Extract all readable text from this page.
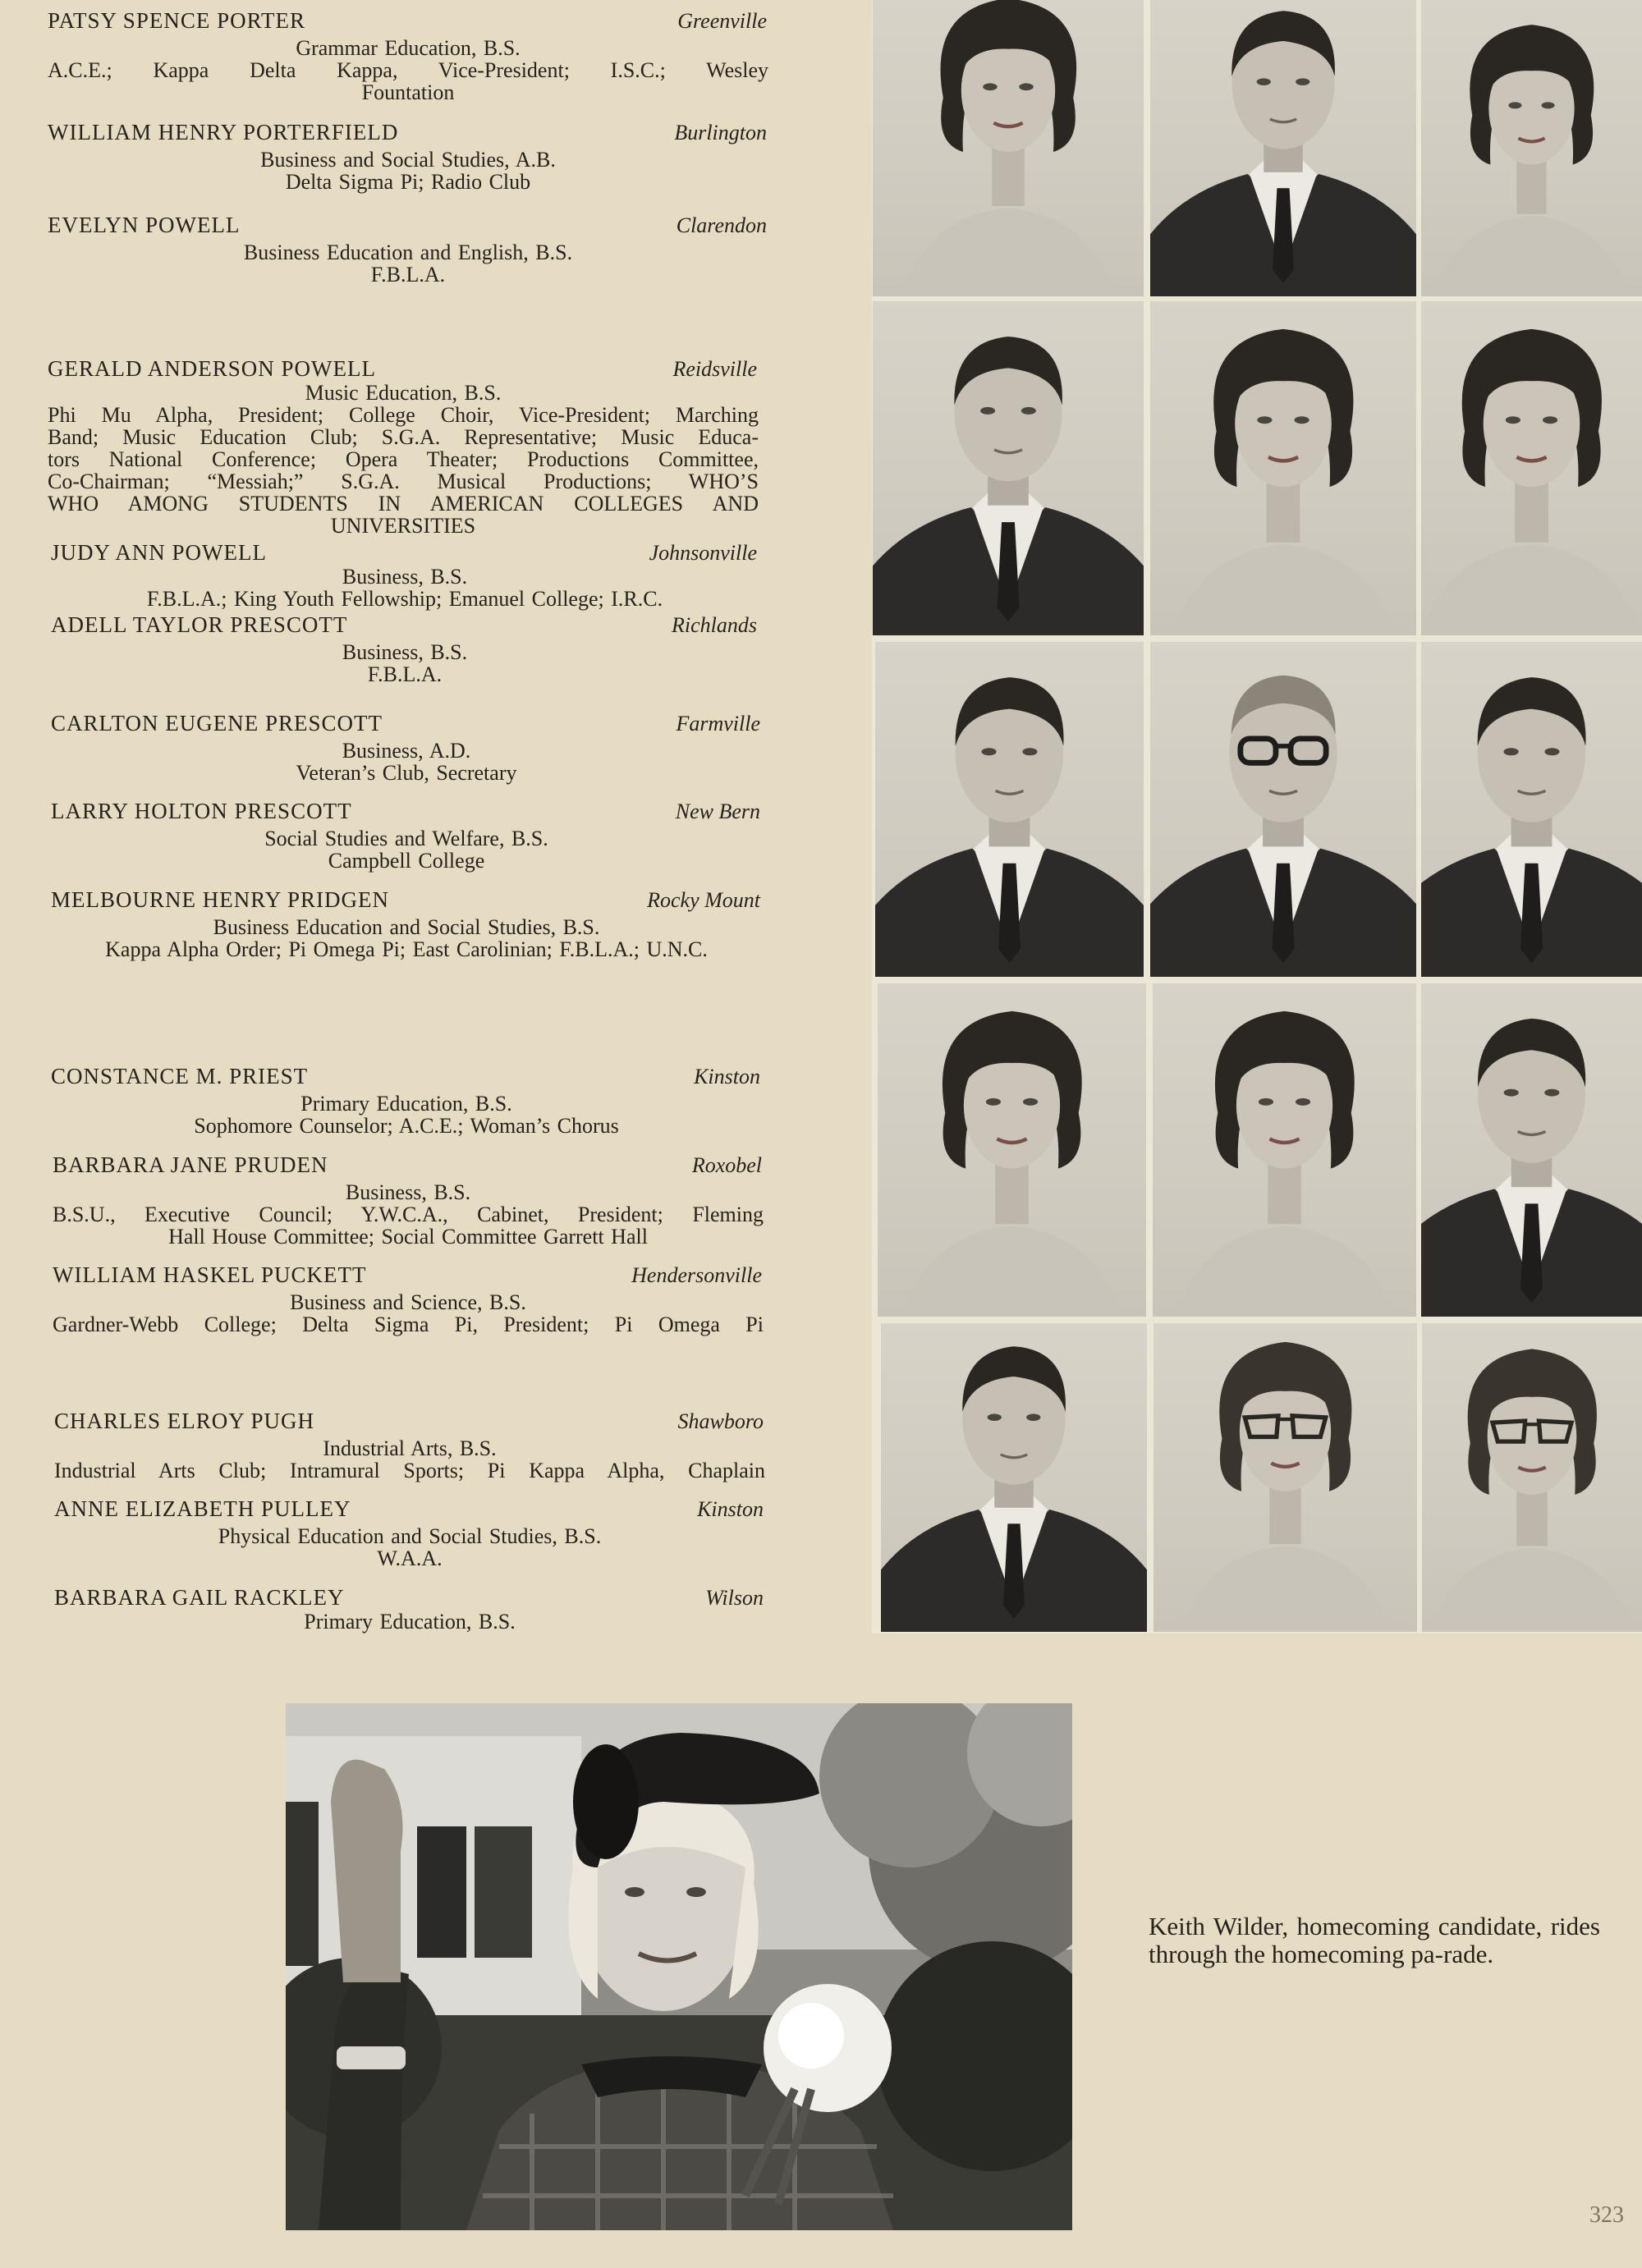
PATSY SPENCE PORTER	Greenville
Grammar Education, B.S.
A.C.E.; Kappa Delta Kappa, Vice-President; I.S.C.; Wesley
Fountation
WILLIAM HENRY PORTERFIELD	Burlington
Business and Social Studies, A.B.
Delta Sigma Pi; Radio Club
EVELYN POWELL	Clarendon
Business Education and English, B.S.
F.B.L.A.
GERALD ANDERSON POWELL	Reidsville
Music Education, B.S.
Phi Mu Alpha, President; College Choir, Vice-President; Marching
Band; Music Education Club; S.G.A. Representative; Music Educa-
tors National Conference; Opera Theater; Productions Committee,
Co-Chairman; “Messiah;” S.G.A. Musical Productions; WHO’S
WHO AMONG STUDENTS IN AMERICAN COLLEGES AND
UNIVERSITIES
JUDY ANN POWELL	Johnsonville
Business, B.S.
F.B.L.A.; King Youth Fellowship; Emanuel College; I.R.C.
ADELL TAYLOR PRESCOTT	Richlands
Business, B.S.
F.B.L.A.
CARLTON EUGENE PRESCOTT	Farmville
Business, A.D.
Veteran’s Club, Secretary
LARRY HOLTON PRESCOTT	New Bern
Social Studies and Welfare, B.S.
Campbell College
MELBOURNE HENRY PRIDGEN	Rocky Mount
Business Education and Social Studies, B.S.
Kappa Alpha Order; Pi Omega Pi; East Carolinian; F.B.L.A.; U.N.C.
CONSTANCE M. PRIEST	Kinston
Primary Education, B.S.
Sophomore Counselor; A.C.E.; Woman’s Chorus
BARBARA JANE PRUDEN	Roxobel
Business, B.S.
B.S.U., Executive Council; Y.W.C.A., Cabinet, President; Fleming
Hall House Committee; Social Committee Garrett Hall
WILLIAM HASKEL PUCKETT	Hendersonville
Business and Science, B.S.
Gardner-Webb College; Delta Sigma Pi, President; Pi Omega Pi
CHARLES ELROY PUGH	Shawboro
Industrial Arts, B.S.
Industrial Arts Club; Intramural Sports; Pi Kappa Alpha, Chaplain
ANNE ELIZABETH PULLEY	Kinston
Physical Education and Social Studies, B.S.
W.A.A.
BARBARA GAIL RACKLEY	Wilson
Primary Education, B.S.
Keith Wilder, homecoming candidate, rides through the homecoming pa-rade.
323
